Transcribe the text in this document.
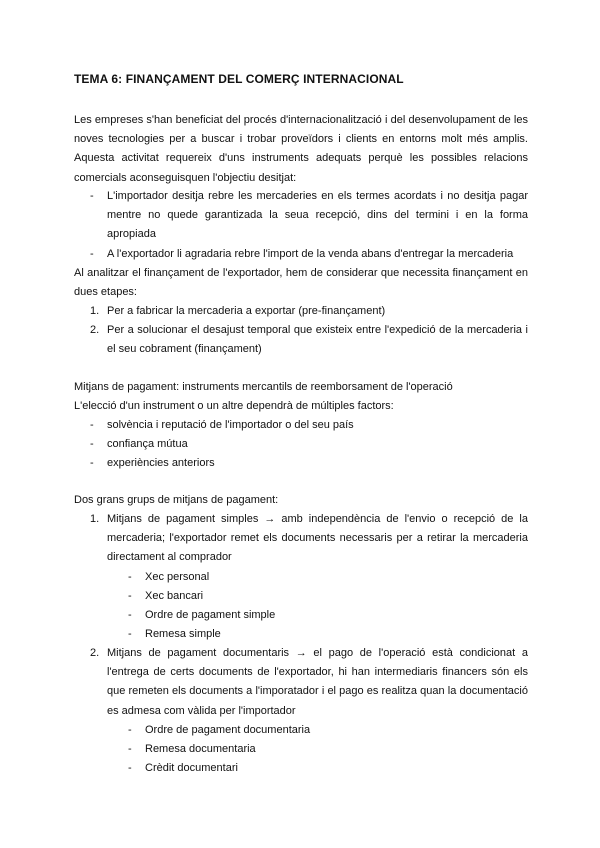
TEMA 6: FINANÇAMENT DEL COMERÇ INTERNACIONAL
Les empreses s'han beneficiat del procés d'internacionalització i del desenvolupament de les noves tecnologies per a buscar i trobar proveïdors i clients en entorns molt més amplis. Aquesta activitat requereix d'uns instruments adequats perquè les possibles relacions comercials aconseguisquen l'objectiu desitjat:
-	L'importador desitja rebre les mercaderies en els termes acordats i no desitja pagar mentre no quede garantizada la seua recepció, dins del termini i en la forma apropiada
-	A l'exportador li agradaria rebre l'import de la venda abans d'entregar la mercaderia
Al analitzar el finançament de l'exportador, hem de considerar que necessita finançament en dues etapes:
1. Per a fabricar la mercaderia a exportar (pre-finançament)
2. Per a solucionar el desajust temporal que existeix entre l'expedició de la mercaderia i el seu cobrament (finançament)
Mitjans de pagament: instruments mercantils de reemborsament de l'operació
L'elecció d'un instrument o un altre dependrà de múltiples factors:
-	solvència i reputació de l'importador o del seu país
-	confiança mútua
-	experiències anteriors
Dos grans grups de mitjans de pagament:
1. Mitjans de pagament simples → amb independència de l'envio o recepció de la mercaderia; l'exportador remet els documents necessaris per a retirar la mercaderia directament al comprador
- Xec personal
- Xec bancari
- Ordre de pagament simple
- Remesa simple
2. Mitjans de pagament documentaris → el pago de l'operació està condicionat a l'entrega de certs documents de l'exportador, hi han intermediaris financers són els que remeten els documents a l'imporatador i el pago es realitza quan la documentació es admesa com vàlida per l'importador
- Ordre de pagament documentaria
- Remesa documentaria
- Crèdit documentari
